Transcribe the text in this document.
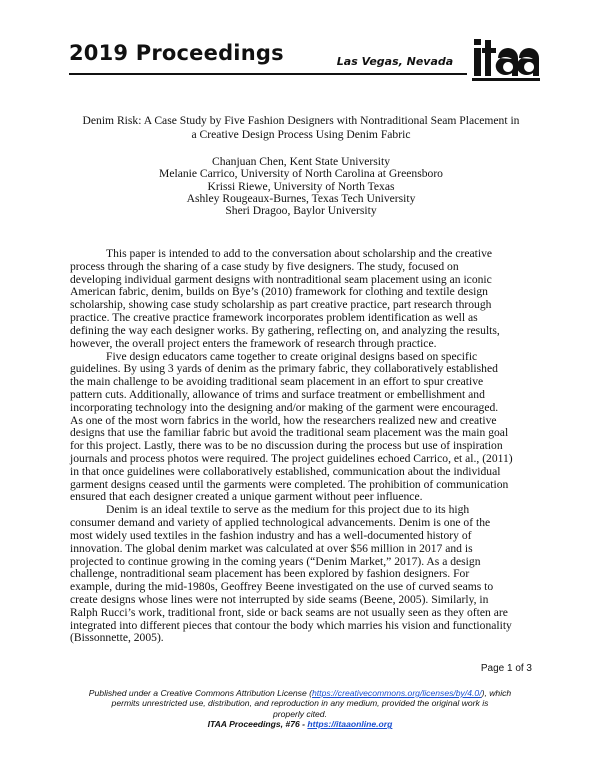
2019 Proceedings	Las Vegas, Nevada
itaa
Denim Risk: A Case Study by Five Fashion Designers with Nontraditional Seam Placement in
a Creative Design Process Using Denim Fabric
Chanjuan Chen, Kent State University
Melanie Carrico, University of North Carolina at Greensboro
Krissi Riewe, University of North Texas
Ashley Rougeaux-Burnes, Texas Tech University
Sheri Dragoo, Baylor University
This paper is intended to add to the conversation about scholarship and the creative
process through the sharing of a case study by five designers. The study, focused on
developing individual garment designs with nontraditional seam placement using an iconic
American fabric, denim, builds on Bye’s (2010) framework for clothing and textile design
scholarship, showing case study scholarship as part creative practice, part research through
practice. The creative practice framework incorporates problem identification as well as
defining the way each designer works. By gathering, reflecting on, and analyzing the results,
however, the overall project enters the framework of research through practice.
Five design educators came together to create original designs based on specific
guidelines. By using 3 yards of denim as the primary fabric, they collaboratively established
the main challenge to be avoiding traditional seam placement in an effort to spur creative
pattern cuts. Additionally, allowance of trims and surface treatment or embellishment and
incorporating technology into the designing and/or making of the garment were encouraged.
As one of the most worn fabrics in the world, how the researchers realized new and creative
designs that use the familiar fabric but avoid the traditional seam placement was the main goal
for this project. Lastly, there was to be no discussion during the process but use of inspiration
journals and process photos were required. The project guidelines echoed Carrico, et al., (2011)
in that once guidelines were collaboratively established, communication about the individual
garment designs ceased until the garments were completed. The prohibition of communication
ensured that each designer created a unique garment without peer influence.
Denim is an ideal textile to serve as the medium for this project due to its high
consumer demand and variety of applied technological advancements. Denim is one of the
most widely used textiles in the fashion industry and has a well-documented history of
innovation. The global denim market was calculated at over $56 million in 2017 and is
projected to continue growing in the coming years (“Denim Market,” 2017). As a design
challenge, nontraditional seam placement has been explored by fashion designers. For
example, during the mid-1980s, Geoffrey Beene investigated on the use of curved seams to
create designs whose lines were not interrupted by side seams (Beene, 2005). Similarly, in
Ralph Rucci’s work, traditional front, side or back seams are not usually seen as they often are
integrated into different pieces that contour the body which marries his vision and functionality
(Bissonnette, 2005).
Page 1 of 3
Published under a Creative Commons Attribution License (https://creativecommons.org/licenses/by/4.0/), which
permits unrestricted use, distribution, and reproduction in any medium, provided the original work is
properly cited.
ITAA Proceedings, #76 - https://itaaonline.org
